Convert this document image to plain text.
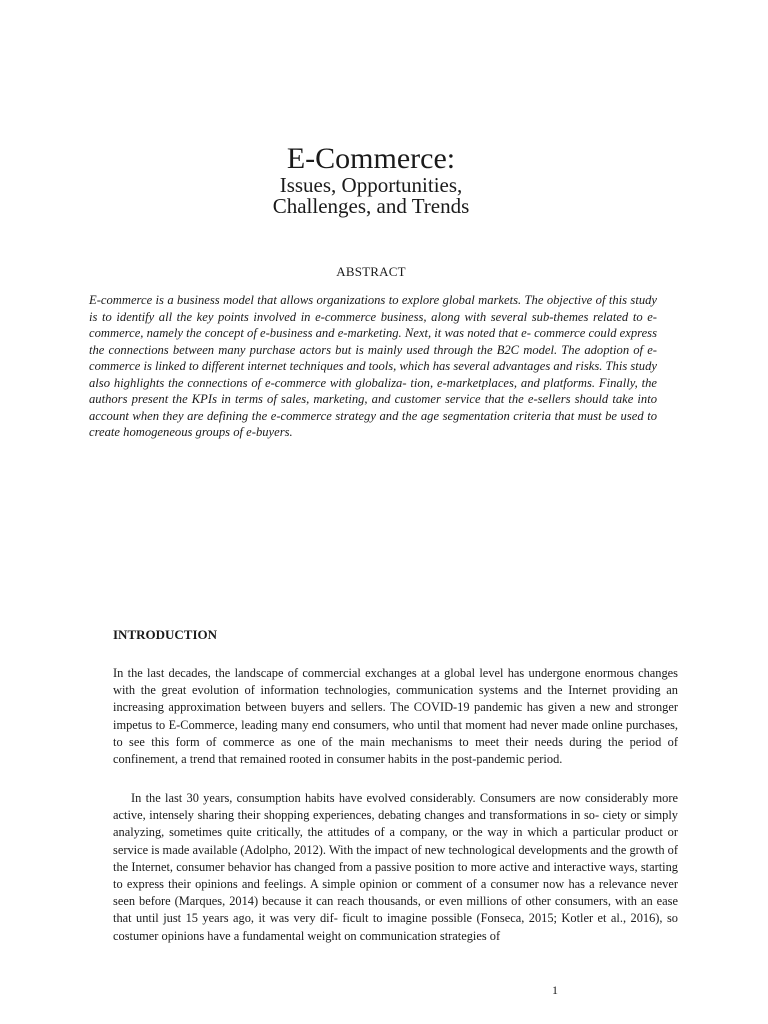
E-Commerce:
Issues, Opportunities,
Challenges, and Trends
ABSTRACT

E-commerce is a business model that allows organizations to explore global markets. The objective of this study is to identify all the key points involved in e-commerce business, along with several sub-themes related to e-commerce, namely the concept of e-business and e-marketing. Next, it was noted that e- commerce could express the connections between many purchase actors but is mainly used through the B2C model. The adoption of e-commerce is linked to different internet techniques and tools, which has several advantages and risks. This study also highlights the connections of e-commerce with globaliza- tion, e-marketplaces, and platforms. Finally, the authors present the KPIs in terms of sales, marketing, and customer service that the e-sellers should take into account when they are defining the e-commerce strategy and the age segmentation criteria that must be used to create homogeneous groups of e-buyers.

INTRODUCTION

In the last decades, the landscape of commercial exchanges at a global level has undergone enormous changes with the great evolution of information technologies, communication systems and the Internet providing an increasing approximation between buyers and sellers. The COVID-19 pandemic has given a new and stronger impetus to E-Commerce, leading many end consumers, who until that moment had never made online purchases, to see this form of commerce as one of the main mechanisms to meet their needs during the period of confinement, a trend that remained rooted in consumer habits in the post-pandemic period.

In the last 30 years, consumption habits have evolved considerably. Consumers are now considerably more active, intensely sharing their shopping experiences, debating changes and transformations in so- ciety or simply analyzing, sometimes quite critically, the attitudes of a company, or the way in which a particular product or service is made available (Adolpho, 2012). With the impact of new technological developments and the growth of the Internet, consumer behavior has changed from a passive position to more active and interactive ways, starting to express their opinions and feelings. A simple opinion or comment of a consumer now has a relevance never seen before (Marques, 2014) because it can reach thousands, or even millions of other consumers, with an ease that until just 15 years ago, it was very dif- ficult to imagine possible (Fonseca, 2015; Kotler et al., 2016), so costumer opinions have a fundamental weight on communication strategies of

1
